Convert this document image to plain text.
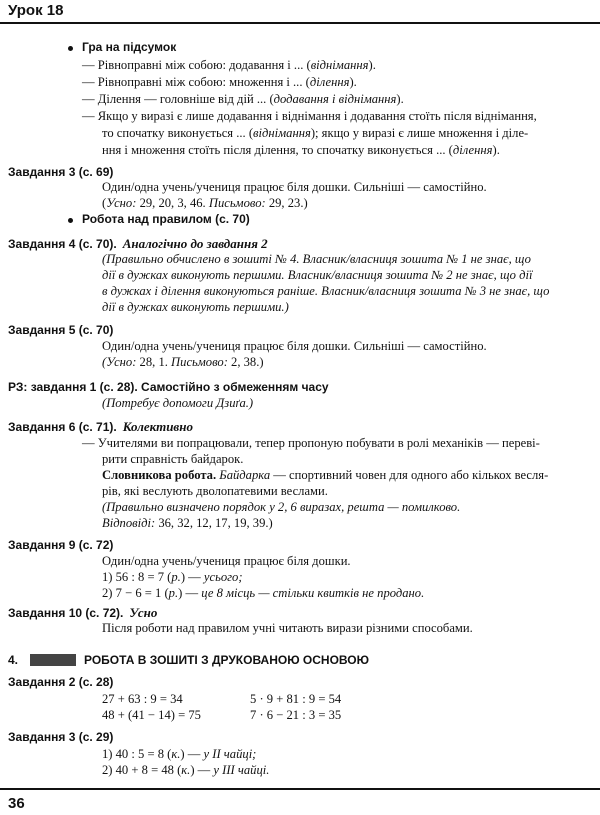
Урок 18
Гра на підсумок
— Рівноправні між собою: додавання і ... (віднімання).
— Рівноправні між собою: множення і ... (ділення).
— Ділення — головніше від дій ... (додавання і віднімання).
— Якщо у виразі є лише додавання і віднімання і додавання стоїть після віднімання,
то спочатку виконується ... (віднімання); якщо у виразі є лише множення і діле-
ння і множення стоїть після ділення, то спочатку виконується ... (ділення).
Завдання 3 (с. 69)
Один/одна учень/учениця працює біля дошки. Сильніші — самостійно.
(Усно: 29, 20, 3, 46. Письмово: 29, 23.)
Робота над правилом (с. 70)
Завдання 4 (с. 70). Аналогічно до завдання 2
(Правильно обчислено в зошиті № 4. Власник/власниця зошита № 1 не знає, що
дії в дужках виконують першими. Власник/власниця зошита № 2 не знає, що дії
в дужках і ділення виконуються раніше. Власник/власниця зошита № 3 не знає, що
дії в дужках виконують першими.)
Завдання 5 (с. 70)
Один/одна учень/учениця працює біля дошки. Сильніші — самостійно.
(Усно: 28, 1. Письмово: 2, 38.)
РЗ: завдання 1 (с. 28). Самостійно з обмеженням часу
(Потребує допомоги Дзиґа.)
Завдання 6 (с. 71). Колективно
— Учителями ви попрацювали, тепер пропоную побувати в ролі механіків — переві-
рити справність байдарок.
Словникова робота. Байдарка — спортивний човен для одного або кількох весля-
рів, які веслують дволопатевими веслами.
(Правильно визначено порядок у 2, 6 виразах, решта — помилково.
Відповіді: 36, 32, 12, 17, 19, 39.)
Завдання 9 (с. 72)
Один/одна учень/учениця працює біля дошки.
1) 56 : 8 = 7 (р.) — усього;
2) 7 − 6 = 1 (р.) — це 8 місць — стільки квитків не продано.
Завдання 10 (с. 72). Усно
Після роботи над правилом учні читають вирази різними способами.
4.	РОБОТА В ЗОШИТІ З ДРУКОВАНОЮ ОСНОВОЮ
Завдання 2 (с. 28)
27 + 63 : 9 = 34	5 · 9 + 81 : 9 = 54
48 + (41 − 14) = 75	7 · 6 − 21 : 3 = 35
Завдання 3 (с. 29)
1) 40 : 5 = 8 (к.) — у II чайці;
2) 40 + 8 = 48 (к.) — у III чайці.
36
